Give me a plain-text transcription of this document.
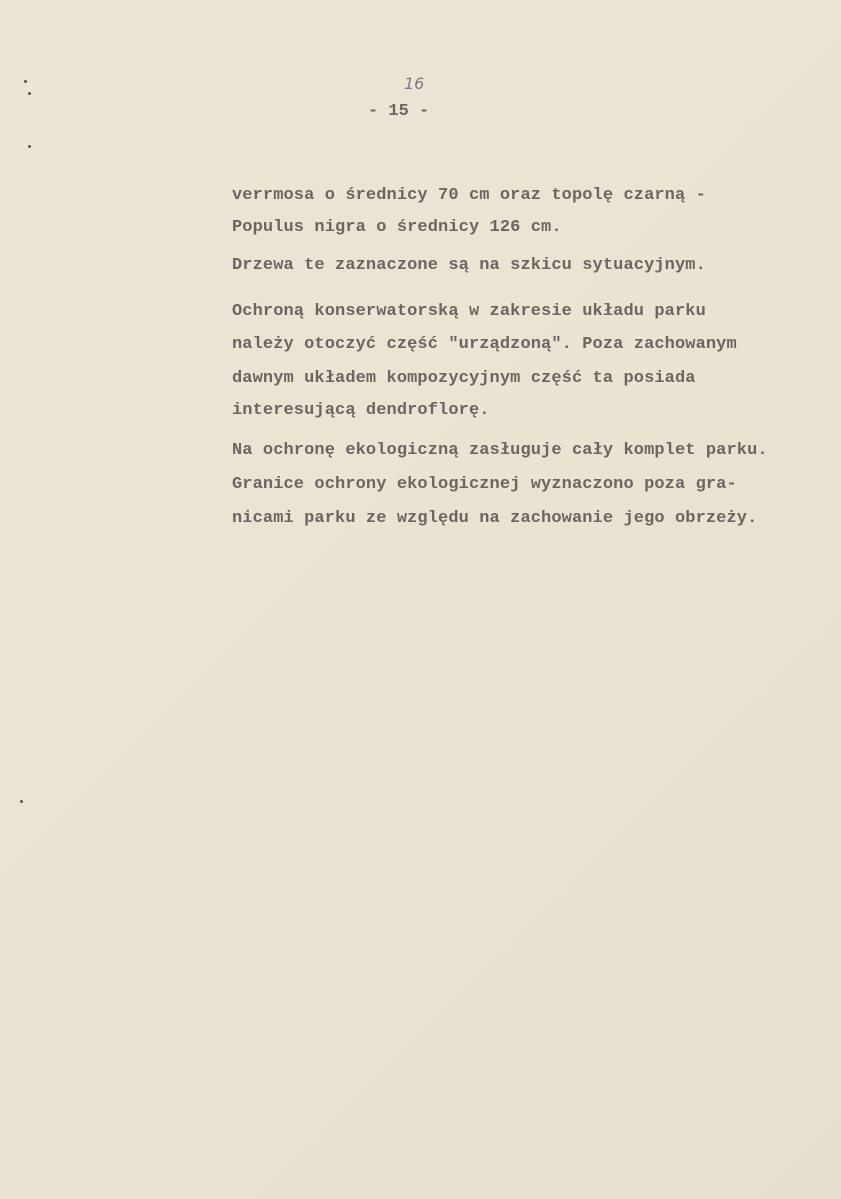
16
- 15 -
verrmosa o średnicy 70 cm oraz topolę czarną -
Populus nigra o średnicy 126 cm.
Drzewa te zaznaczone są na szkicu sytuacyjnym.
Ochroną konserwatorską w zakresie układu parku
należy otoczyć część "urządzoną". Poza zachowanym
dawnym układem kompozycyjnym część ta posiada
interesującą dendroflorę.
Na ochronę ekologiczną zasługuje cały komplet parku.
Granice ochrony ekologicznej wyznaczono poza gra-
nicami parku ze względu na zachowanie jego obrzeży.
